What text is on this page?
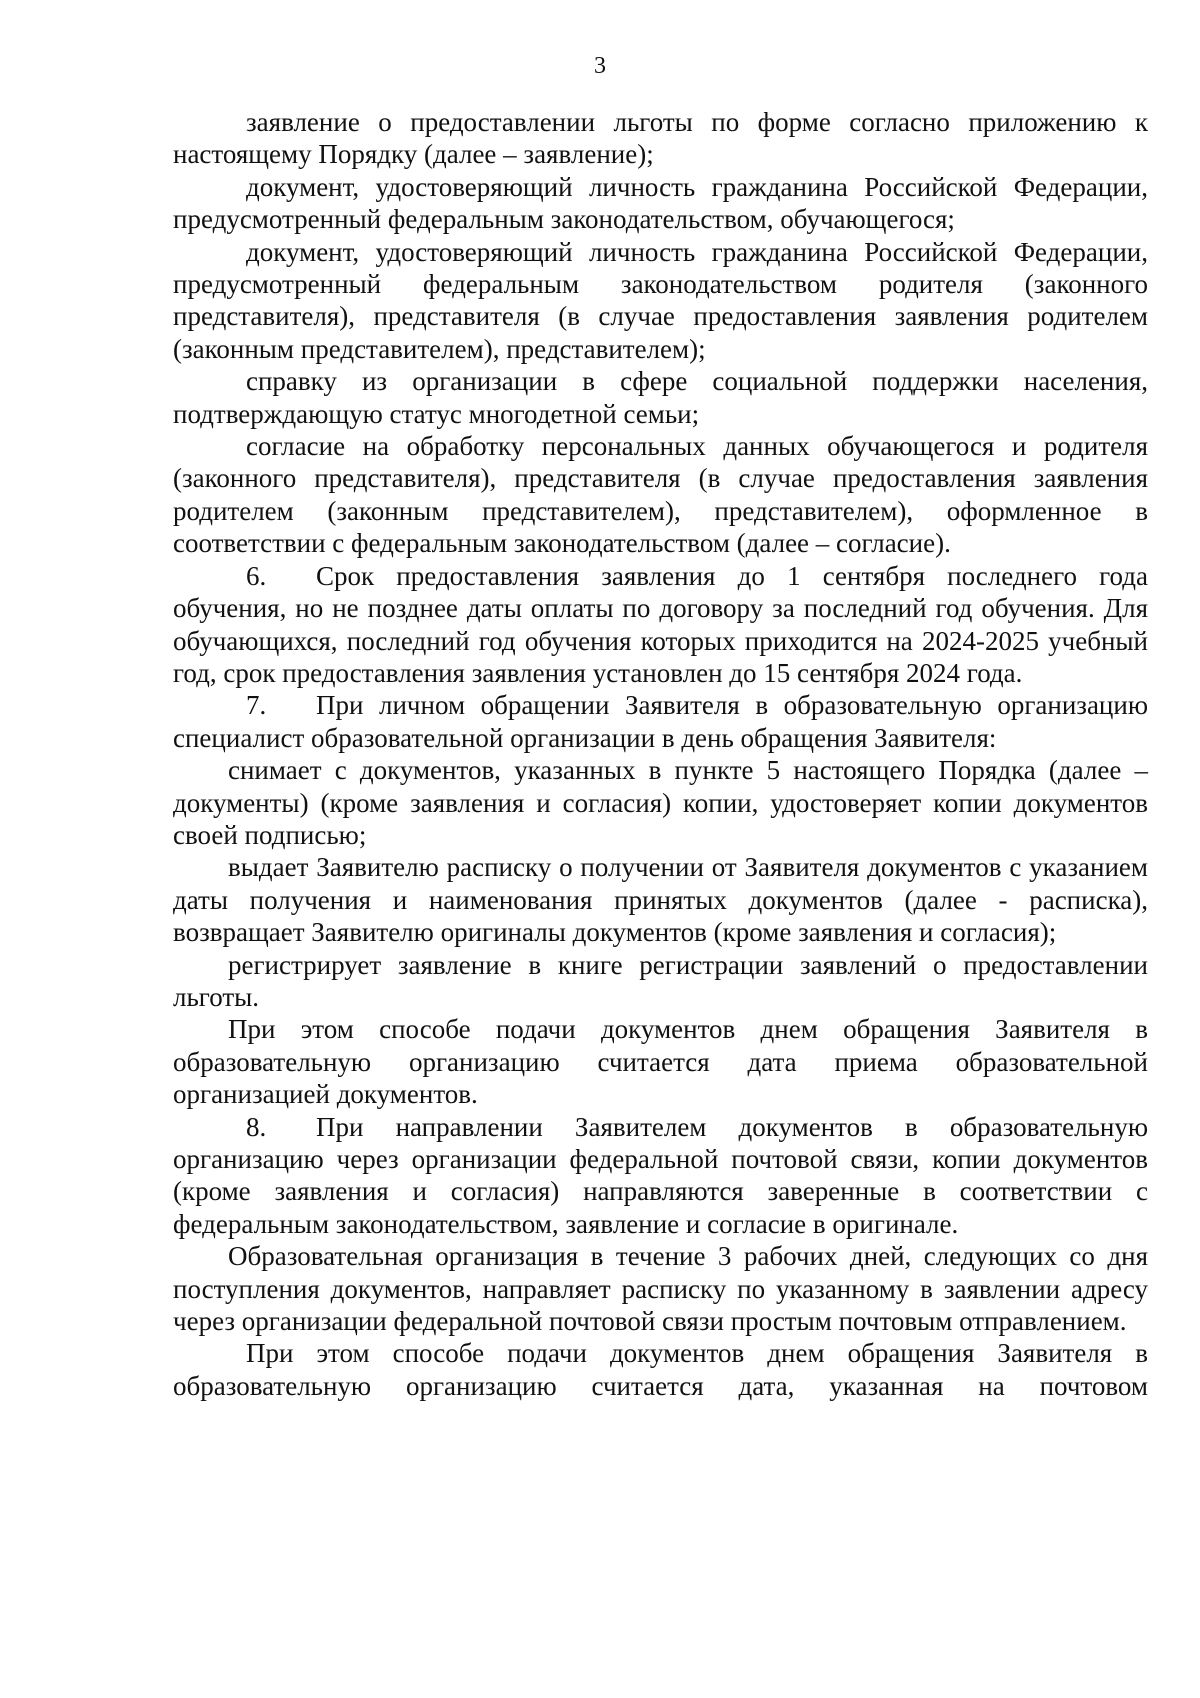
3

заявление о предоставлении льготы по форме согласно приложению к настоящему Порядку (далее – заявление);

документ, удостоверяющий личность гражданина Российской Федерации, предусмотренный федеральным законодательством, обучающегося;

документ, удостоверяющий личность гражданина Российской Федерации, предусмотренный федеральным законодательством родителя (законного представителя), представителя (в случае предоставления заявления родителем (законным представителем), представителем);

справку из организации в сфере социальной поддержки населения, подтверждающую статус многодетной семьи;

согласие на обработку персональных данных обучающегося и родителя (законного представителя), представителя (в случае предоставления заявления родителем (законным представителем), представителем), оформленное в соответствии с федеральным законодательством (далее – согласие).

6. Срок предоставления заявления до 1 сентября последнего года обучения, но не позднее даты оплаты по договору за последний год обучения. Для обучающихся, последний год обучения которых приходится на 2024-2025 учебный год, срок предоставления заявления установлен до 15 сентября 2024 года.

7. При личном обращении Заявителя в образовательную организацию специалист образовательной организации в день обращения Заявителя:

снимает с документов, указанных в пункте 5 настоящего Порядка (далее – документы) (кроме заявления и согласия) копии, удостоверяет копии документов своей подписью;

выдает Заявителю расписку о получении от Заявителя документов с указанием даты получения и наименования принятых документов (далее - расписка), возвращает Заявителю оригиналы документов (кроме заявления и согласия);

регистрирует заявление в книге регистрации заявлений о предоставлении льготы.

При этом способе подачи документов днем обращения Заявителя в образовательную организацию считается дата приема образовательной организацией документов.

8. При направлении Заявителем документов в образовательную организацию через организации федеральной почтовой связи, копии документов (кроме заявления и согласия) направляются заверенные в соответствии с федеральным законодательством, заявление и согласие в оригинале.

Образовательная организация в течение 3 рабочих дней, следующих со дня поступления документов, направляет расписку по указанному в заявлении адресу через организации федеральной почтовой связи простым почтовым отправлением.

При этом способе подачи документов днем обращения Заявителя в образовательную организацию считается дата, указанная на почтовом
